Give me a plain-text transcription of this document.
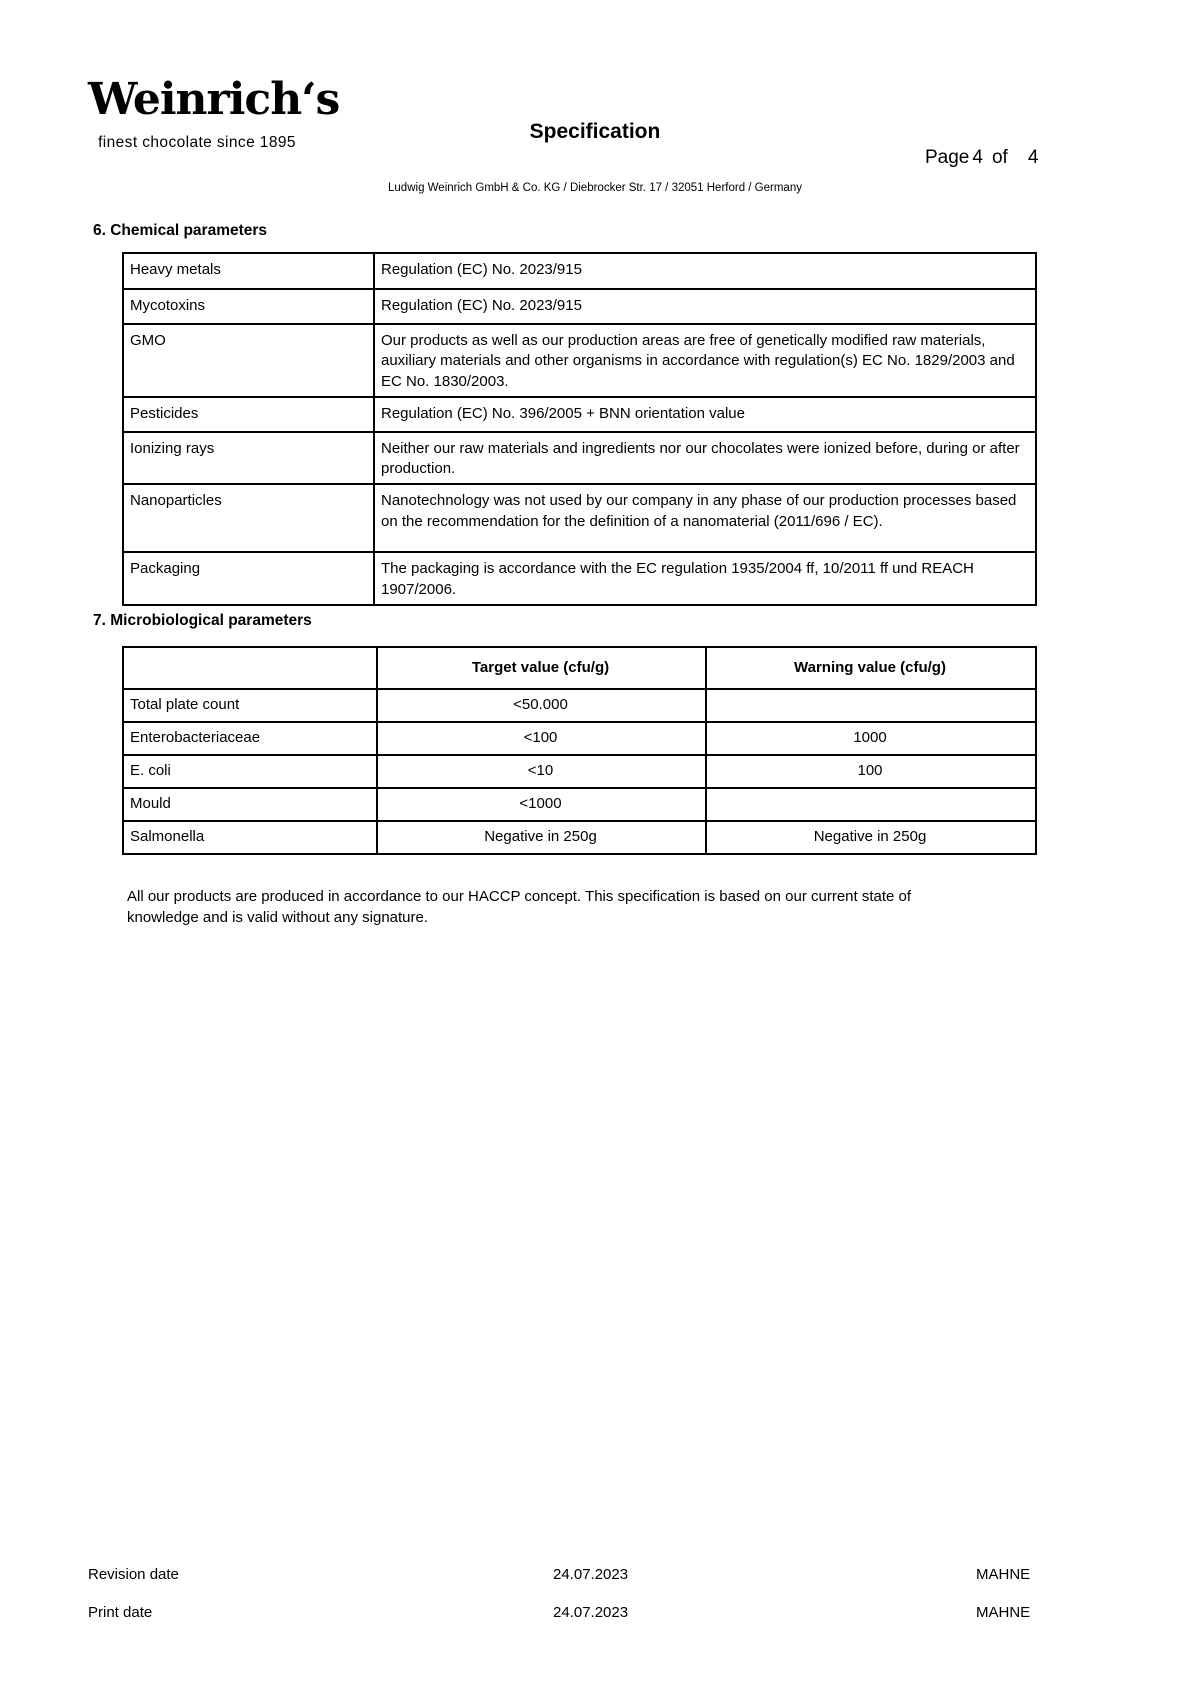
Weinrich‘s
finest chocolate since 1895	Specification
Page 4 of 4
Ludwig Weinrich GmbH & Co. KG / Diebrocker Str. 17 / 32051 Herford / Germany
6. Chemical parameters
Heavy metals	Regulation (EC) No. 2023/915
Mycotoxins	Regulation (EC) No. 2023/915
GMO	Our products as well as our production areas are free of genetically modified raw materials, auxiliary materials and other organisms in accordance with regulation(s) EC No. 1829/2003 and EC No. 1830/2003.
Pesticides	Regulation (EC) No. 396/2005 + BNN orientation value
Ionizing rays	Neither our raw materials and ingredients nor our chocolates were ionized before, during or after production.
Nanoparticles	Nanotechnology was not used by our company in any phase of our production processes based on the recommendation for the definition of a nanomaterial (2011/696 / EC).
Packaging	The packaging is accordance with the EC regulation 1935/2004 ff, 10/2011 ff und REACH 1907/2006.
7. Microbiological parameters
	Target value (cfu/g)	Warning value (cfu/g)
Total plate count	<50.000	
Enterobacteriaceae	<100	1000
E. coli	<10	100
Mould	<1000	
Salmonella	Negative in 250g	Negative in 250g
All our products are produced in accordance to our HACCP concept. This specification is based on our current state of knowledge and is valid without any signature.
Revision date	24.07.2023	MAHNE
Print date	24.07.2023	MAHNE
